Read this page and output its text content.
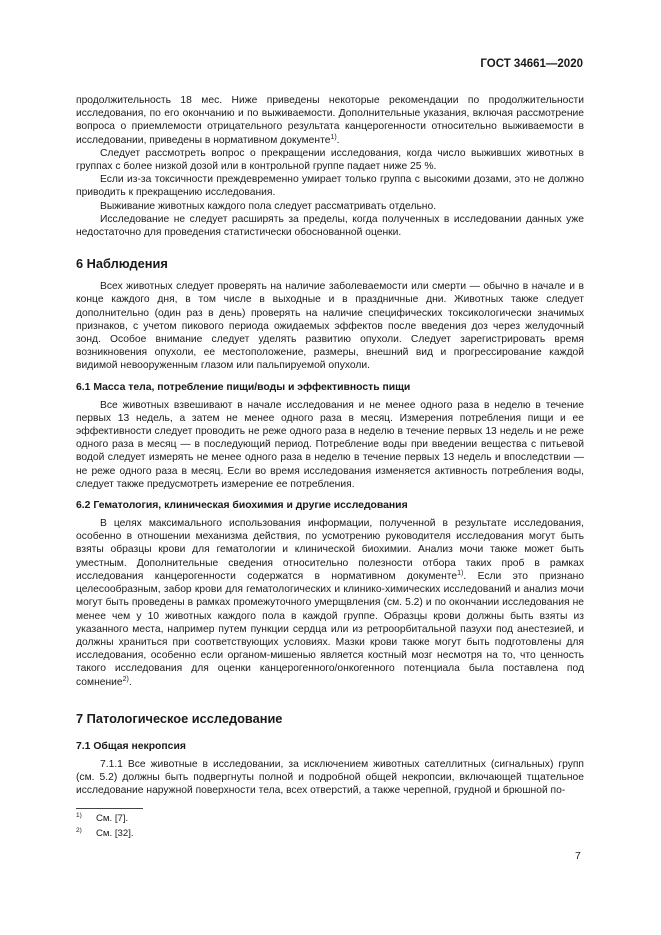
ГОСТ 34661—2020

продолжительность 18 мес. Ниже приведены некоторые рекомендации по продолжительности исследования, по его окончанию и по выживаемости. Дополнительные указания, включая рассмотрение вопроса о приемлемости отрицательного результата канцерогенности относительно выживаемости в исследовании, приведены в нормативном документе$^{1)}$.

Следует рассмотреть вопрос о прекращении исследования, когда число выживших животных в группах с более низкой дозой или в контрольной группе падает ниже 25 %.

Если из-за токсичности преждевременно умирает только группа с высокими дозами, это не должно приводить к прекращению исследования.

Выживание животных каждого пола следует рассматривать отдельно.

Исследование не следует расширять за пределы, когда полученных в исследовании данных уже недостаточно для проведения статистически обоснованной оценки.

6 Наблюдения

Всех животных следует проверять на наличие заболеваемости или смерти — обычно в начале и в конце каждого дня, в том числе в выходные и в праздничные дни. Животных также следует дополнительно (один раз в день) проверять на наличие специфических токсикологически значимых признаков, с учетом пикового периода ожидаемых эффектов после введения доз через желудочный зонд. Особое внимание следует уделять развитию опухоли. Следует зарегистрировать время возникновения опухоли, ее местоположение, размеры, внешний вид и прогрессирование каждой видимой невооруженным глазом или пальпируемой опухоли.

6.1 Масса тела, потребление пищи/воды и эффективность пищи

Все животных взвешивают в начале исследования и не менее одного раза в неделю в течение первых 13 недель, а затем не менее одного раза в месяц. Измерения потребления пищи и ее эффективности следует проводить не реже одного раза в неделю в течение первых 13 недель и не реже одного раза в месяц — в последующий период. Потребление воды при введении вещества с питьевой водой следует измерять не менее одного раза в неделю в течение первых 13 недель и впоследствии — не реже одного раза в месяц. Если во время исследования изменяется активность потребления воды, следует также предусмотреть измерение ее потребления.

6.2 Гематология, клиническая биохимия и другие исследования

В целях максимального использования информации, полученной в результате исследования, особенно в отношении механизма действия, по усмотрению руководителя исследования могут быть взяты образцы крови для гематологии и клинической биохимии. Анализ мочи также может быть уместным. Дополнительные сведения относительно полезности отбора таких проб в рамках исследования канцерогенности содержатся в нормативном документе$^{1)}$. Если это признано целесообразным, забор крови для гематологических и клинико-химических исследований и анализ мочи могут быть проведены в рамках промежуточного умерщвления (см. 5.2) и по окончании исследования не менее чем у 10 животных каждого пола в каждой группе. Образцы крови должны быть взяты из указанного места, например путем пункции сердца или из ретроорбитальной пазухи под анестезией, и должны храниться при соответствующих условиях. Мазки крови также могут быть подготовлены для исследования, особенно если органом-мишенью является костный мозг несмотря на то, что ценность такого исследования для оценки канцерогенного/онкогенного потенциала была поставлена под сомнение$^{2)}$.

7 Патологическое исследование
7.1 Общая некропсия

7.1.1 Все животные в исследовании, за исключением животных сателлитных (сигнальных) групп (см. 5.2) должны быть подвергнуты полной и подробной общей некропсии, включающей тщательное исследование наружной поверхности тела, всех отверстий, а также черепной, грудной и брюшной по-

$^{1)}$ См. [7].
$^{2)}$ См. [32].
7
